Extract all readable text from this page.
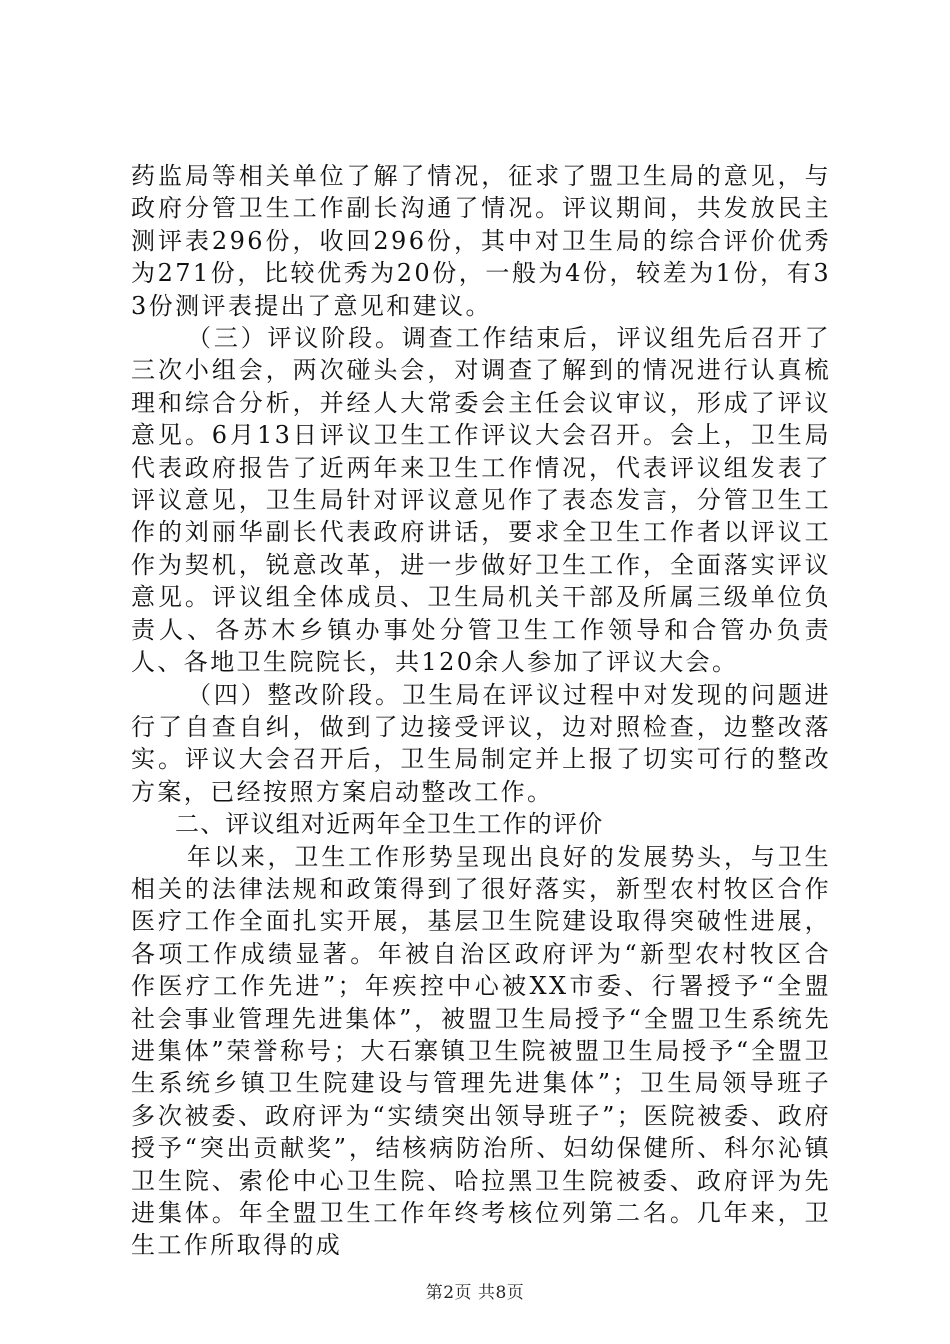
药监局等相关单位了解了情况，征求了盟卫生局的意见，与政府分管卫生工作副长沟通了情况。评议期间，共发放民主测评表296份，收回296份，其中对卫生局的综合评价优秀为271份，比较优秀为20份，一般为4份，较差为1份，有33份测评表提出了意见和建议。

（三）评议阶段。调查工作结束后，评议组先后召开了三次小组会，两次碰头会，对调查了解到的情况进行认真梳理和综合分析，并经人大常委会主任会议审议，形成了评议意见。6月13日评议卫生工作评议大会召开。会上，卫生局代表政府报告了近两年来卫生工作情况，代表评议组发表了评议意见，卫生局针对评议意见作了表态发言，分管卫生工作的刘丽华副长代表政府讲话，要求全卫生工作者以评议工作为契机，锐意改革，进一步做好卫生工作，全面落实评议意见。评议组全体成员、卫生局机关干部及所属三级单位负责人、各苏木乡镇办事处分管卫生工作领导和合管办负责人、各地卫生院院长，共120余人参加了评议大会。

（四）整改阶段。卫生局在评议过程中对发现的问题进行了自查自纠，做到了边接受评议，边对照检查，边整改落实。评议大会召开后，卫生局制定并上报了切实可行的整改方案，已经按照方案启动整改工作。

二、评议组对近两年全卫生工作的评价

年以来，卫生工作形势呈现出良好的发展势头，与卫生相关的法律法规和政策得到了很好落实，新型农村牧区合作医疗工作全面扎实开展，基层卫生院建设取得突破性进展，各项工作成绩显著。年被自治区政府评为“新型农村牧区合作医疗工作先进”；年疾控中心被XX市委、行署授予“全盟社会事业管理先进集体”，被盟卫生局授予“全盟卫生系统先进集体”荣誉称号；大石寨镇卫生院被盟卫生局授予“全盟卫生系统乡镇卫生院建设与管理先进集体”；卫生局领导班子多次被委、政府评为“实绩突出领导班子”；医院被委、政府授予“突出贡献奖”，结核病防治所、妇幼保健所、科尔沁镇卫生院、索伦中心卫生院、哈拉黑卫生院被委、政府评为先进集体。年全盟卫生工作年终考核位列第二名。几年来，卫生工作所取得的成

第2页 共8页
